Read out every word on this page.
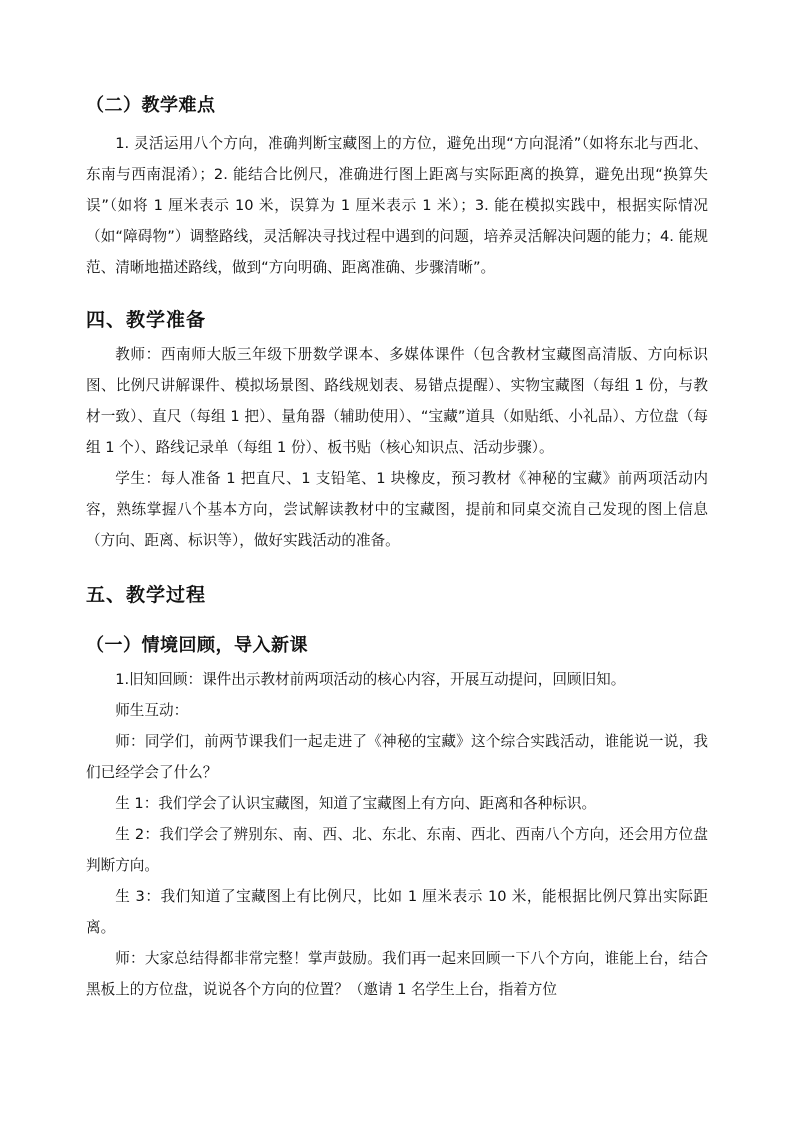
（二）教学难点

1. 灵活运用八个方向，准确判断宝藏图上的方位，避免出现“方向混淆”（如将东北与西北、东南与西南混淆）；2. 能结合比例尺，准确进行图上距离与实际距离的换算，避免出现“换算失误”（如将 1 厘米表示 10 米，误算为 1 厘米表示 1 米）；3. 能在模拟实践中，根据实际情况（如“障碍物”）调整路线，灵活解决寻找过程中遇到的问题，培养灵活解决问题的能力；4. 能规范、清晰地描述路线，做到“方向明确、距离准确、步骤清晰”。

四、教学准备

教师：西南师大版三年级下册数学课本、多媒体课件（包含教材宝藏图高清版、方向标识图、比例尺讲解课件、模拟场景图、路线规划表、易错点提醒）、实物宝藏图（每组 1 份，与教材一致）、直尺（每组 1 把）、量角器（辅助使用）、“宝藏”道具（如贴纸、小礼品）、方位盘（每组 1 个）、路线记录单（每组 1 份）、板书贴（核心知识点、活动步骤）。

学生：每人准备 1 把直尺、1 支铅笔、1 块橡皮，预习教材《神秘的宝藏》前两项活动内容，熟练掌握八个基本方向，尝试解读教材中的宝藏图，提前和同桌交流自己发现的图上信息（方向、距离、标识等），做好实践活动的准备。

五、教学过程
（一）情境回顾，导入新课

1.旧知回顾：课件出示教材前两项活动的核心内容，开展互动提问，回顾旧知。

师生互动：

师：同学们，前两节课我们一起走进了《神秘的宝藏》这个综合实践活动，谁能说一说，我们已经学会了什么？

生 1：我们学会了认识宝藏图，知道了宝藏图上有方向、距离和各种标识。

生 2：我们学会了辨别东、南、西、北、东北、东南、西北、西南八个方向，还会用方位盘判断方向。

生 3：我们知道了宝藏图上有比例尺，比如 1 厘米表示 10 米，能根据比例尺算出实际距离。

师：大家总结得都非常完整！掌声鼓励。我们再一起来回顾一下八个方向，谁能上台，结合黑板上的方位盘，说说各个方向的位置？（邀请 1 名学生上台，指着方位
